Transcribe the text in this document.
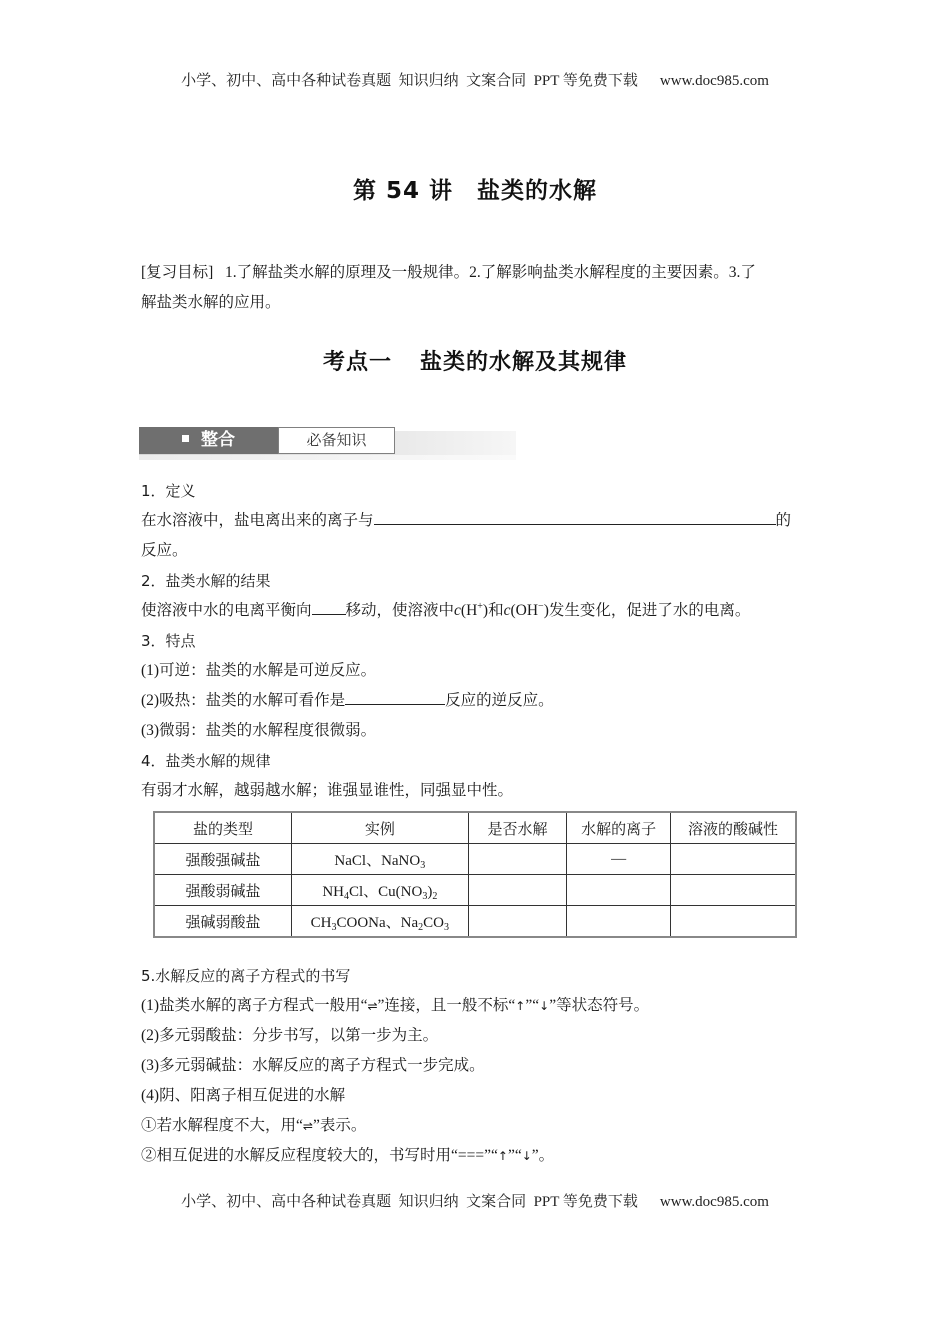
小学、初中、高中各种试卷真题  知识归纳  文案合同  PPT 等免费下载 www.doc985.com
第 54 讲 盐类的水解
[复习目标] 1.了解盐类水解的原理及一般规律。2.了解影响盐类水解程度的主要因素。3.了
解盐类水解的应用。
考点一 盐类的水解及其规律
整合	必备知识
1．定义
在水溶液中，盐电离出来的离子与	的
反应。
2．盐类水解的结果
使溶液中水的电离平衡向 移动，使溶液中c(H+)和c(OH−)发生变化，促进了水的电离。
3．特点
(1)可逆：盐类的水解是可逆反应。
(2)吸热：盐类的水解可看作是	反应的逆反应。
(3)微弱：盐类的水解程度很微弱。
4．盐类水解的规律
有弱才水解，越弱越水解；谁强显谁性，同强显中性。
盐的类型	实例	是否水解	水解的离子	溶液的酸碱性
强酸强碱盐	NaCl、NaNO$_3$		—	
强酸弱碱盐	$NH_4Cl$、$Cu(NO_3)_2$			
强碱弱酸盐	$CH_3COONa$、$Na_2CO_3$			
5.水解反应的离子方程式的书写
(1)盐类水解的离子方程式一般用“⇌”连接，且一般不标“↑”“↓”等状态符号。
(2)多元弱酸盐：分步书写，以第一步为主。
(3)多元弱碱盐：水解反应的离子方程式一步完成。
(4)阴、阳离子相互促进的水解
①若水解程度不大，用“⇌”表示。
②相互促进的水解反应程度较大的，书写时用“===”“↑”“↓”。
小学、初中、高中各种试卷真题  知识归纳  文案合同  PPT 等免费下载 www.doc985.com
